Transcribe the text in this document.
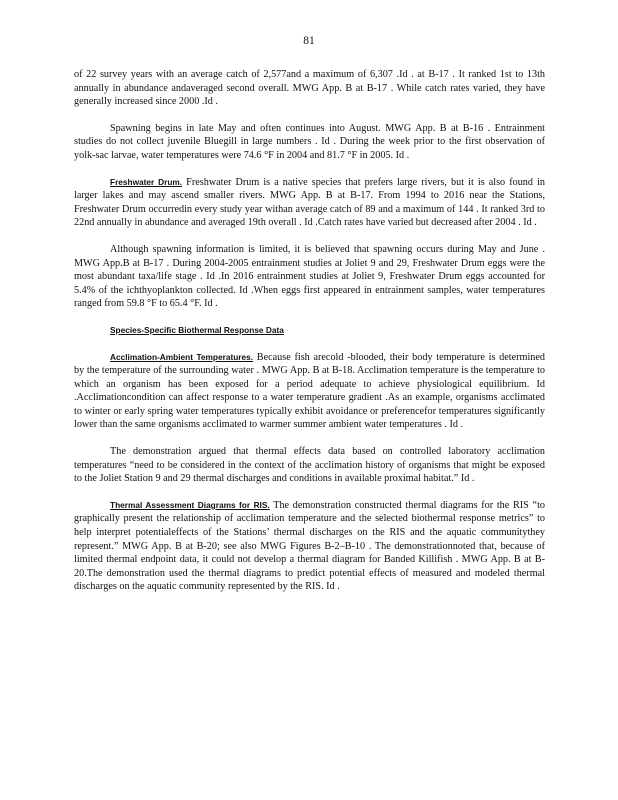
81

of 22 survey years with an average catch of 2,577and a maximum of 6,307 .Id . at B-17 . It ranked 1st to 13th annually in abundance andaveraged second overall. MWG App. B at B-17 . While catch rates varied, they have generally increased since 2000 .Id .

Spawning begins in late May and often continues into August. MWG App. B at B-16 . Entrainment studies do not collect juvenile Bluegill in large numbers . Id . During the week prior to the first observation of yolk-sac larvae, water temperatures were 74.6 °F in 2004 and 81.7 °F in 2005. Id .

Freshwater Drum. Freshwater Drum is a native species that prefers large rivers, but it is also found in larger lakes and may ascend smaller rivers. MWG App. B at B-17. From 1994 to 2016 near the Stations, Freshwater Drum occurredin every study year withan average catch of 89 and a maximum of 144 . It ranked 3rd to 22nd annually in abundance and averaged 19th overall . Id .Catch rates have varied but decreased after 2004 . Id .

Although spawning information is limited, it is believed that spawning occurs during May and June . MWG App.B at B-17 . During 2004-2005 entrainment studies at Joliet 9 and 29, Freshwater Drum eggs were the most abundant taxa/life stage . Id .In 2016 entrainment studies at Joliet 9, Freshwater Drum eggs accounted for 5.4% of the ichthyoplankton collected. Id .When eggs first appeared in entrainment samples, water temperatures ranged from 59.8 °F to 65.4 °F. Id .

Species-Specific Biothermal Response Data

Acclimation-Ambient Temperatures. Because fish arecold -blooded, their body temperature is determined by the temperature of the surrounding water . MWG App. B at B-18. Acclimation temperature is the temperature to which an organism has been exposed for a period adequate to achieve physiological equilibrium. Id .Acclimationcondition can affect response to a water temperature gradient .As an example, organisms acclimated to winter or early spring water temperatures typically exhibit avoidance or preferencefor temperatures significantly lower than the same organisms acclimated to warmer summer ambient water temperatures . Id .

The demonstration argued that thermal effects data based on controlled laboratory acclimation temperatures “need to be considered in the context of the acclimation history of organisms that might be exposed to the Joliet Station 9 and 29 thermal discharges and conditions in available proximal habitat.” Id .

Thermal Assessment Diagrams for RIS. The demonstration constructed thermal diagrams for the RIS “to graphically present the relationship of acclimation temperature and the selected biothermal response metrics” to help interpret potentialeffects of the Stations’ thermal discharges on the RIS and the aquatic communitythey represent.” MWG App. B at B-20; see also MWG Figures B-2–B-10 . The demonstrationnoted that, because of limited thermal endpoint data, it could not develop a thermal diagram for Banded Killifish . MWG App. B at B-20.The demonstration used the thermal diagrams to predict potential effects of measured and modeled thermal discharges on the aquatic community represented by the RIS. Id .
